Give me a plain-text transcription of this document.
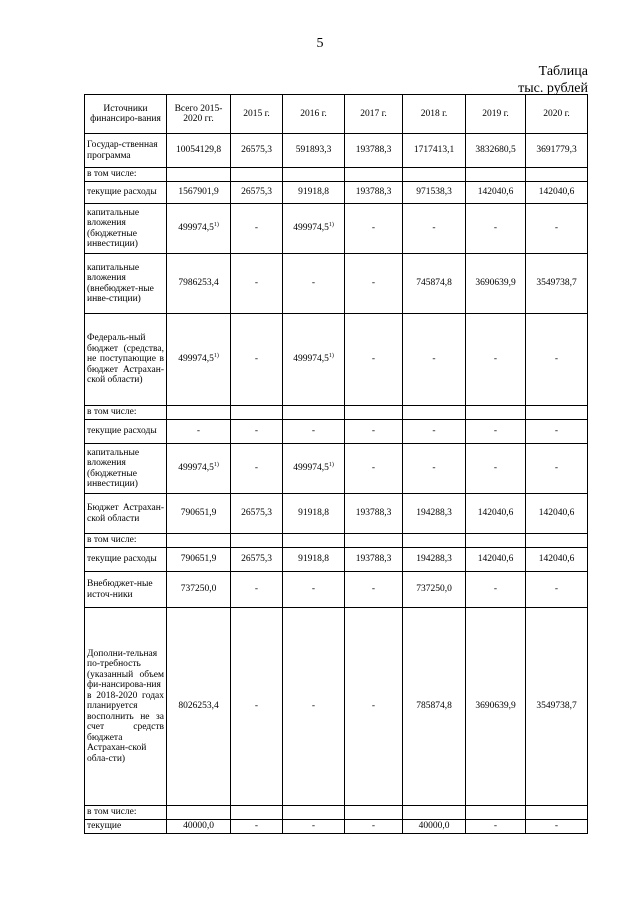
5
Таблица
тыс. рублей
Источники финансиро-вания	Всего 2015-2020 гг.	2015 г.	2016 г.	2017 г.	2018 г.	2019 г.	2020 г.
Государ-ственная программа	10054129,8	26575,3	591893,3	193788,3	1717413,1	3832680,5	3691779,3
в том числе:							
текущие расходы	1567901,9	26575,3	91918,8	193788,3	971538,3	142040,6	142040,6
капитальные вложения (бюджетные инвестиции)	499974,5$^{1)}$	-	499974,5$^{1)}$	-	-	-	-
капитальные вложения (внебюджет-ные инве-стиции)	7986253,4	-	-	-	745874,8	3690639,9	3549738,7
Федераль-ный бюджет (средства, не поступающие в бюджет Астрахан-ской области)	499974,5$^{1)}$	-	499974,5$^{1)}$	-	-	-	-
в том числе:							
текущие расходы	-	-	-	-	-	-	-
капитальные вложения (бюджетные инвестиции)	499974,5$^{1)}$	-	499974,5$^{1)}$	-	-	-	-
Бюджет Астрахан-ской области	790651,9	26575,3	91918,8	193788,3	194288,3	142040,6	142040,6
в том числе:							
текущие расходы	790651,9	26575,3	91918,8	193788,3	194288,3	142040,6	142040,6
Внебюджет-ные источ-ники	737250,0	-	-	-	737250,0	-	-
Дополни-тельная по-требность (указанный объем фи-нансирова-ния в 2018-2020 годах планируется восполнить не за счет средств бюджета Астрахан-ской обла-сти)	8026253,4	-	-	-	785874,8	3690639,9	3549738,7
в том числе:							
текущие	40000,0	-	-	-	40000,0	-	-
